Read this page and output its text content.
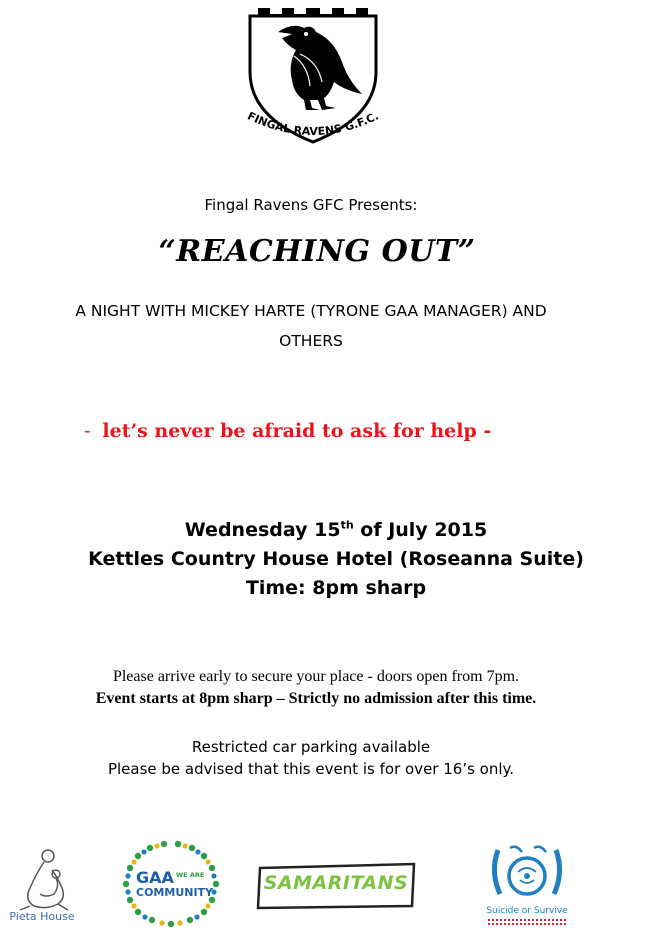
FINGAL RAVENS G.F.C.
Fingal Ravens GFC Presents:
“REACHING OUT”
A NIGHT WITH MICKEY HARTE (TYRONE GAA MANAGER) AND
OTHERS
- let’s never be afraid to ask for help -
Wednesday 15th of July 2015
Kettles Country House Hotel (Roseanna Suite)
Time: 8pm sharp
Please arrive early to secure your place - doors open from 7pm.
Event starts at 8pm sharp – Strictly no admission after this time.
Restricted car parking available
Please be advised that this event is for over 16’s only.
Pieta House
GAA WE ARE
COMMUNITY	SAMARITANS
Suicide or Survive
